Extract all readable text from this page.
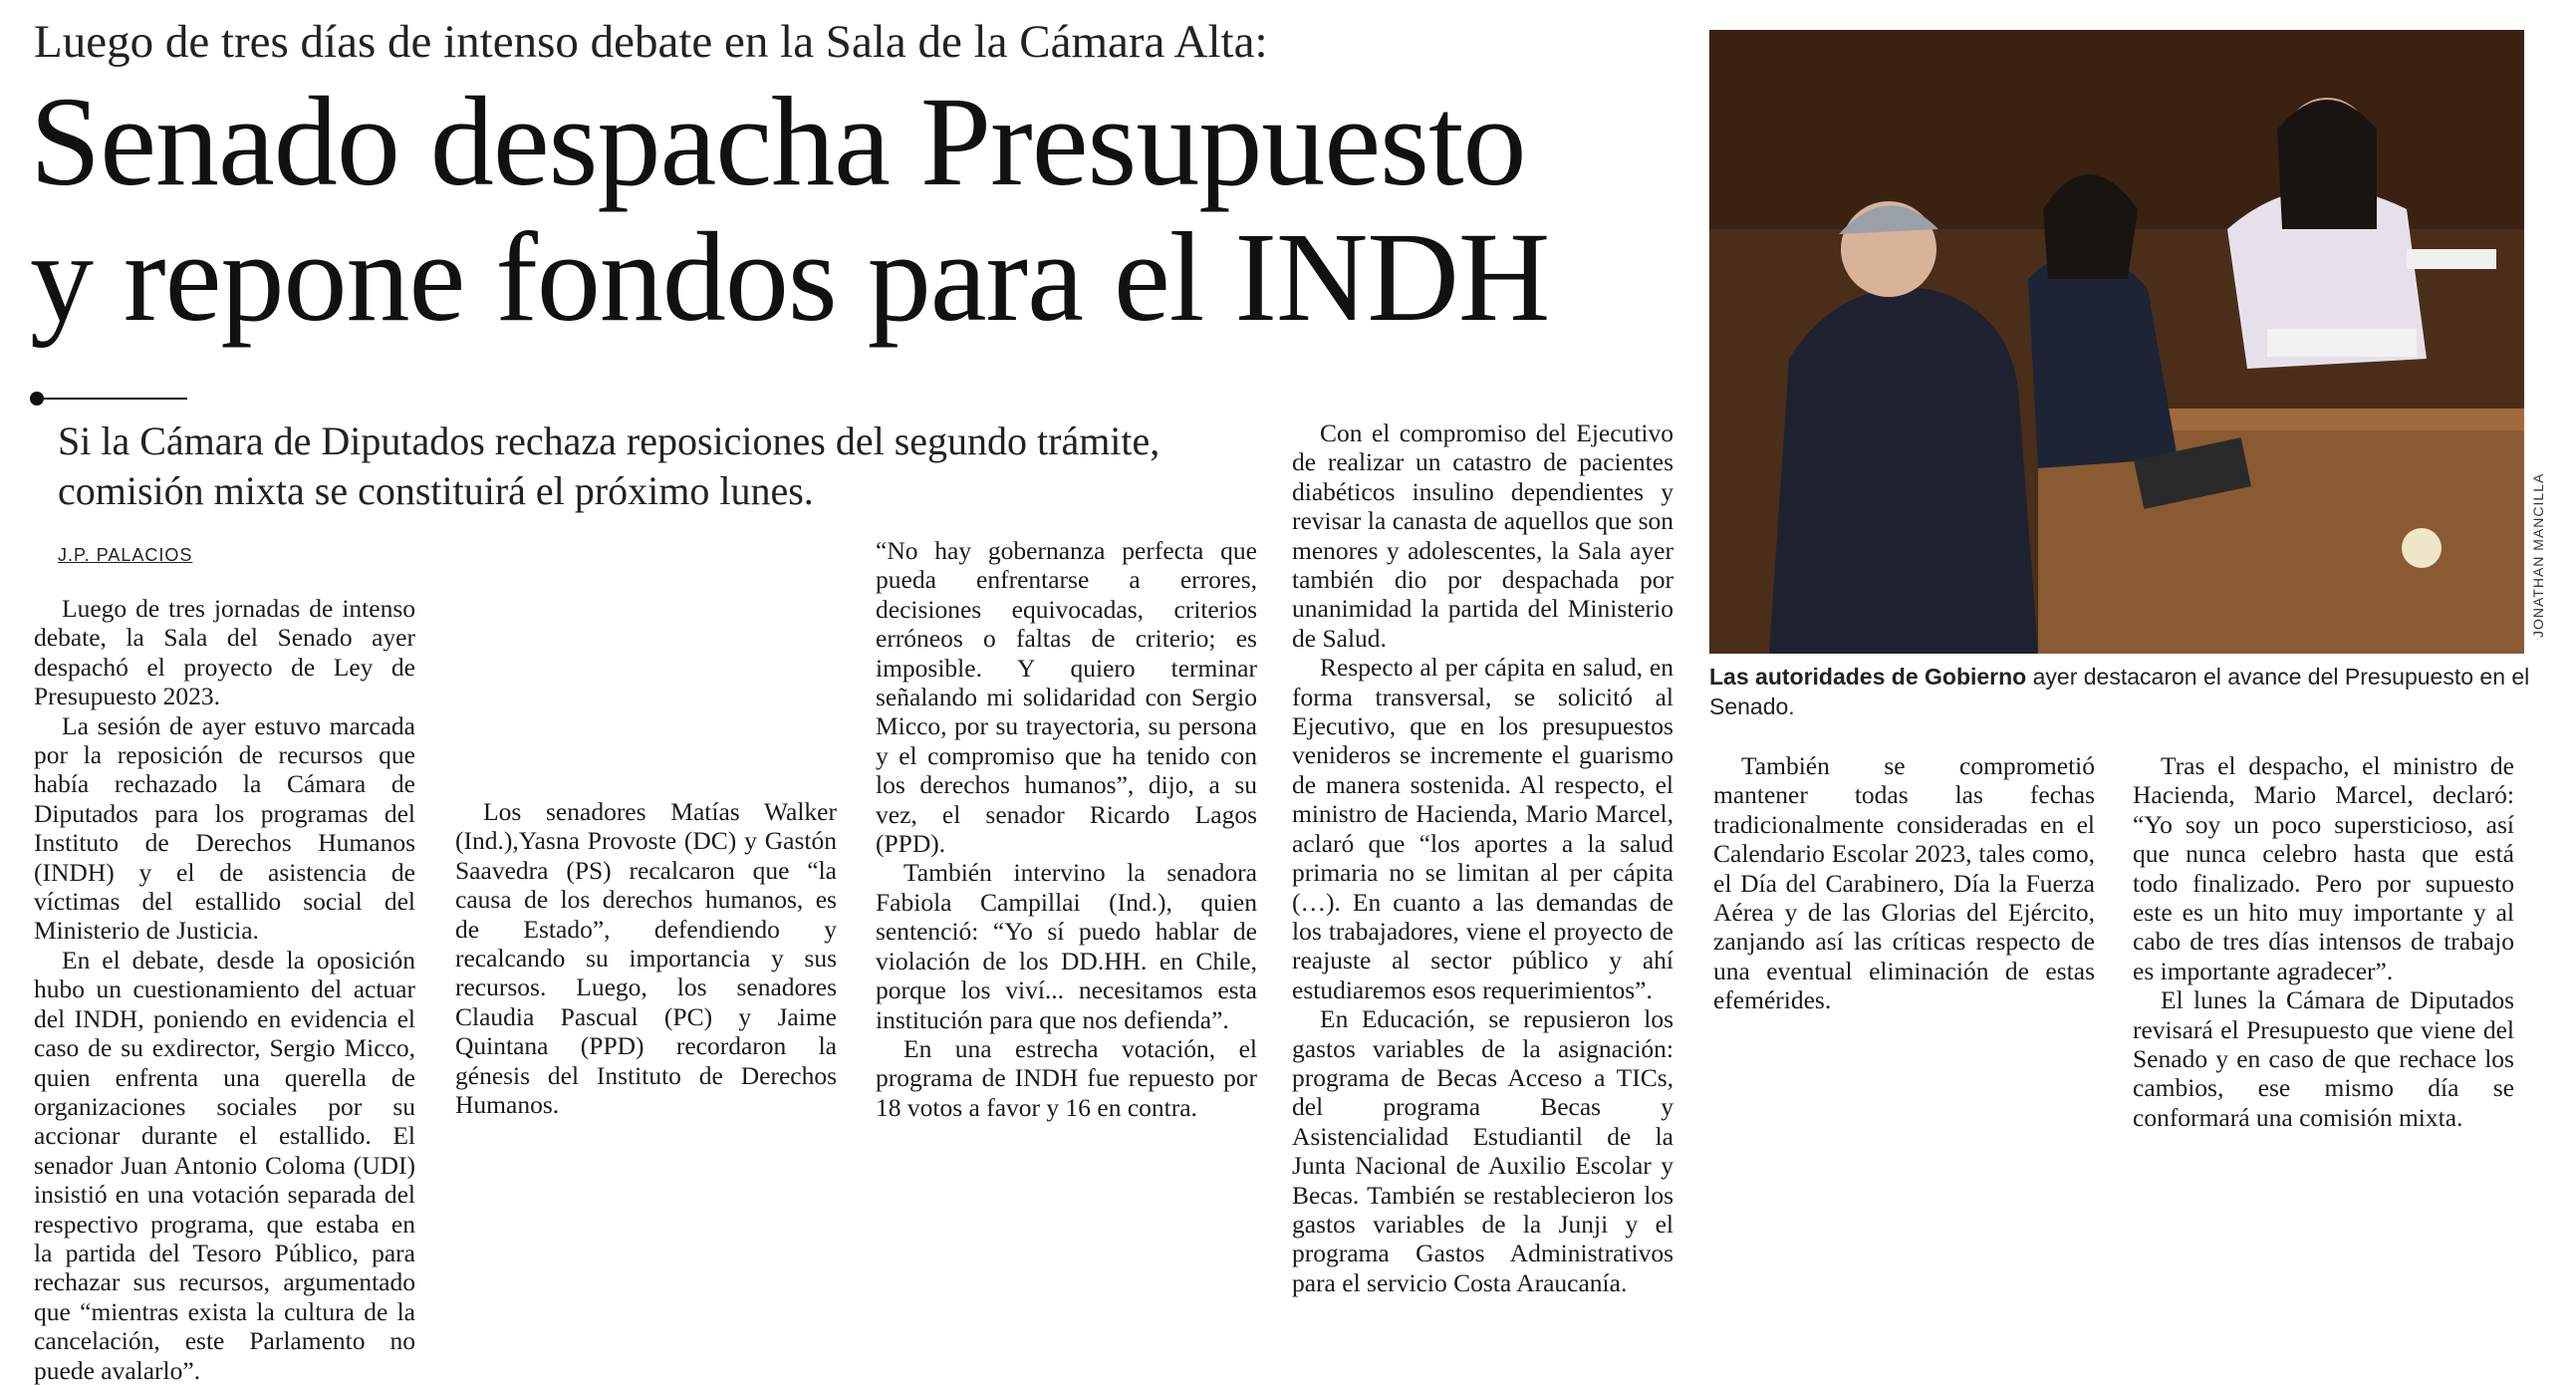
Luego de tres días de intenso debate en la Sala de la Cámara Alta:
Senado despacha Presupuesto
y repone fondos para el INDH
Si la Cámara de Diputados rechaza reposiciones del segundo trámite, comisión mixta se constituirá el próximo lunes.
J.P. PALACIOS

Luego de tres jornadas de intenso debate, la Sala del Senado ayer despachó el proyecto de Ley de Presupuesto 2023.

La sesión de ayer estuvo marcada por la reposición de recursos que había rechazado la Cámara de Diputados para los programas del Instituto de Derechos Humanos (INDH) y el de asistencia de víctimas del estallido social del Ministerio de Justicia.

En el debate, desde la oposición hubo un cuestionamiento del actuar del INDH, poniendo en evidencia el caso de su exdirector, Sergio Micco, quien enfrenta una querella de organizaciones sociales por su accionar durante el estallido. El senador Juan Antonio Coloma (UDI) insistió en una votación separada del respectivo programa, que estaba en la partida del Tesoro Público, para rechazar sus recursos, argumentado que “mientras exista la cultura de la cancelación, este Parlamento no puede avalarlo”.

Los senadores Matías Walker (Ind.),Yasna Provoste (DC) y Gastón Saavedra (PS) recalcaron que “la causa de los derechos humanos, es de Estado”, defendiendo y recalcando su importancia y sus recursos. Luego, los senadores Claudia Pascual (PC) y Jaime Quintana (PPD) recordaron la génesis del Instituto de Derechos Humanos.

“No hay gobernanza perfecta que pueda enfrentarse a errores, decisiones equivocadas, criterios erróneos o faltas de criterio; es imposible. Y quiero terminar señalando mi solidaridad con Sergio Micco, por su trayectoria, su persona y el compromiso que ha tenido con los derechos humanos”, dijo, a su vez, el senador Ricardo Lagos (PPD).

También intervino la senadora Fabiola Campillai (Ind.), quien sentenció: “Yo sí puedo hablar de violación de los DD.HH. en Chile, porque los viví... necesitamos esta institución para que nos defienda”.

En una estrecha votación, el programa de INDH fue repuesto por 18 votos a favor y 16 en contra.

Con el compromiso del Ejecutivo de realizar un catastro de pacientes diabéticos insulino dependientes y revisar la canasta de aquellos que son menores y adolescentes, la Sala ayer también dio por despachada por unanimidad la partida del Ministerio de Salud.

Respecto al per cápita en salud, en forma transversal, se solicitó al Ejecutivo, que en los presupuestos venideros se incremente el guarismo de manera sostenida. Al respecto, el ministro de Hacienda, Mario Marcel, aclaró que “los aportes a la salud primaria no se limitan al per cápita (…). En cuanto a las demandas de los trabajadores, viene el proyecto de reajuste al sector público y ahí estudiaremos esos requerimientos”.

En Educación, se repusieron los gastos variables de la asignación: programa de Becas Acceso a TICs, del programa Becas y Asistencialidad Estudiantil de la Junta Nacional de Auxilio Escolar y Becas. También se restablecieron los gastos variables de la Junji y el programa Gastos Administrativos para el servicio Costa Araucanía.

También se comprometió mantener todas las fechas tradicionalmente consideradas en el Calendario Escolar 2023, tales como, el Día del Carabinero, Día la Fuerza Aérea y de las Glorias del Ejército, zanjando así las críticas respecto de una eventual eliminación de estas efemérides.

Tras el despacho, el ministro de Hacienda, Mario Marcel, declaró: “Yo soy un poco supersticioso, así que nunca celebro hasta que está todo finalizado. Pero por supuesto este es un hito muy importante y al cabo de tres días intensos de trabajo es importante agradecer”.

El lunes la Cámara de Diputados revisará el Presupuesto que viene del Senado y en caso de que rechace los cambios, ese mismo día se conformará una comisión mixta.

JONATHAN MANCILLA
Las autoridades de Gobierno ayer destacaron el avance del Presupuesto en el Senado.
